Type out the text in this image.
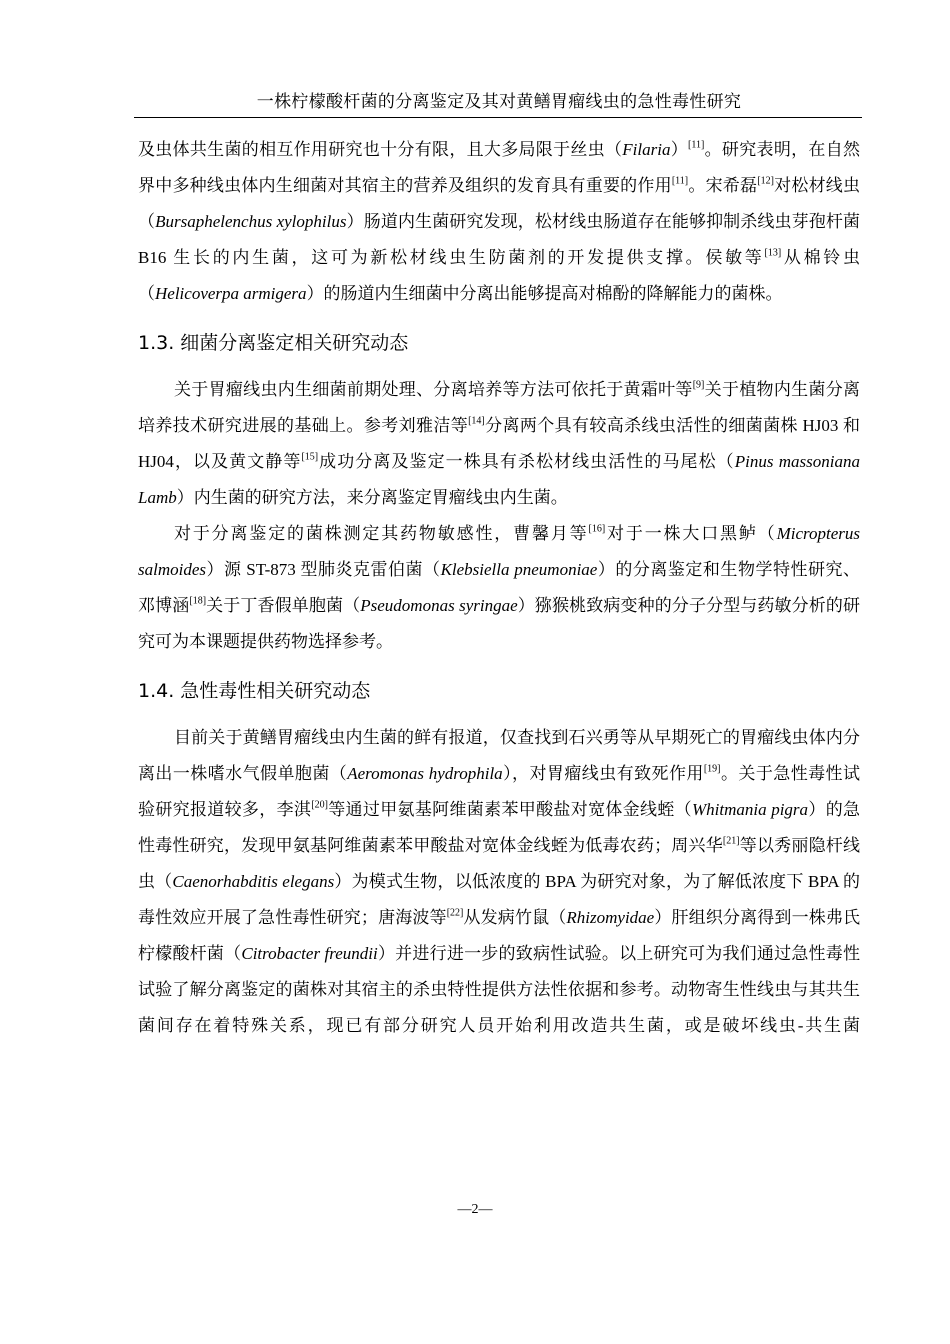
一株柠檬酸杆菌的分离鉴定及其对黄鳝胃瘤线虫的急性毒性研究

及虫体共生菌的相互作用研究也十分有限，且大多局限于丝虫（Filaria）[11]。研究表明，在自然界中多种线虫体内生细菌对其宿主的营养及组织的发育具有重要的作用[11]。宋希磊[12]对松材线虫（Bursaphelenchus xylophilus）肠道内生菌研究发现，松材线虫肠道存在能够抑制杀线虫芽孢杆菌 B16 生长的内生菌，这可为新松材线虫生防菌剂的开发提供支撑。侯敏等[13]从棉铃虫（Helicoverpa armigera）的肠道内生细菌中分离出能够提高对棉酚的降解能力的菌株。

1.3. 细菌分离鉴定相关研究动态

关于胃瘤线虫内生细菌前期处理、分离培养等方法可依托于黄霜叶等[9]关于植物内生菌分离培养技术研究进展的基础上。参考刘雅洁等[14]分离两个具有较高杀线虫活性的细菌菌株 HJ03 和 HJ04，以及黄文静等[15]成功分离及鉴定一株具有杀松材线虫活性的马尾松（Pinus massoniana Lamb）内生菌的研究方法，来分离鉴定胃瘤线虫内生菌。

对于分离鉴定的菌株测定其药物敏感性，曹馨月等[16]对于一株大口黑鲈（Micropterus salmoides）源 ST-873 型肺炎克雷伯菌（Klebsiella pneumoniae）的分离鉴定和生物学特性研究、邓博涵[18]关于丁香假单胞菌（Pseudomonas syringae）猕猴桃致病变种的分子分型与药敏分析的研究可为本课题提供药物选择参考。

1.4. 急性毒性相关研究动态

目前关于黄鳝胃瘤线虫内生菌的鲜有报道，仅查找到石兴勇等从早期死亡的胃瘤线虫体内分离出一株嗜水气假单胞菌（Aeromonas hydrophila），对胃瘤线虫有致死作用[19]。关于急性毒性试验研究报道较多，李淇[20]等通过甲氨基阿维菌素苯甲酸盐对宽体金线蛭（Whitmania pigra）的急性毒性研究，发现甲氨基阿维菌素苯甲酸盐对宽体金线蛭为低毒农药；周兴华[21]等以秀丽隐杆线虫（Caenorhabditis elegans）为模式生物，以低浓度的 BPA 为研究对象，为了解低浓度下 BPA 的毒性效应开展了急性毒性研究；唐海波等[22]从发病竹鼠（Rhizomyidae）肝组织分离得到一株弗氏柠檬酸杆菌（Citrobacter freundii）并进行进一步的致病性试验。以上研究可为我们通过急性毒性试验了解分离鉴定的菌株对其宿主的杀虫特性提供方法性依据和参考。动物寄生性线虫与其共生菌间存在着特殊关系，现已有部分研究人员开始利用改造共生菌，或是破坏线虫-共生菌

—2—
